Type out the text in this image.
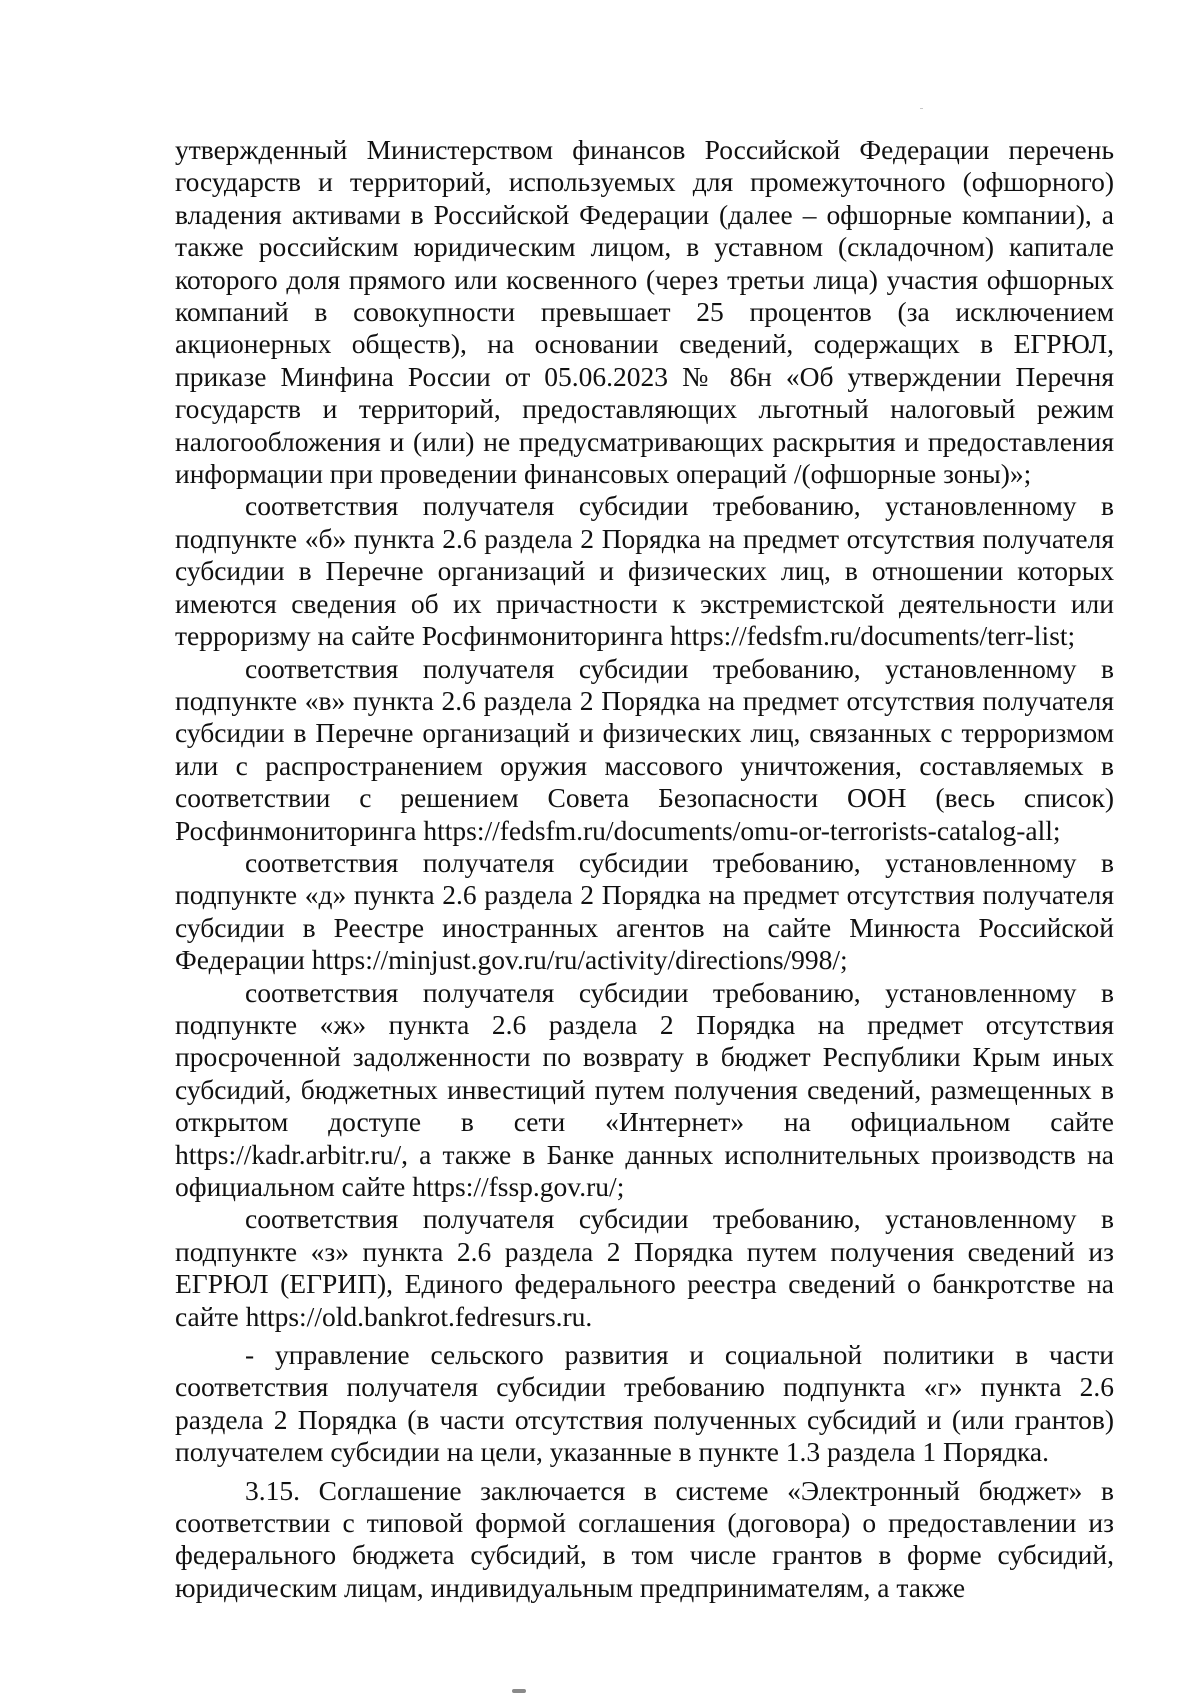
утвержденный Министерством финансов Российской Федерации перечень государств и территорий, используемых для промежуточного (офшорного) владения активами в Российской Федерации (далее – офшорные компании), а также российским юридическим лицом, в уставном (складочном) капитале которого доля прямого или косвенного (через третьи лица) участия офшорных компаний в совокупности превышает 25 процентов (за исключением акционерных обществ), на основании сведений, содержащих в ЕГРЮЛ, приказе Минфина России от 05.06.2023 № 86н «Об утверждении Перечня государств и территорий, предоставляющих льготный налоговый режим налогообложения и (или) не предусматривающих раскрытия и предоставления информации при проведении финансовых операций /(офшорные зоны)»;

соответствия получателя субсидии требованию, установленному в подпункте «б» пункта 2.6 раздела 2 Порядка на предмет отсутствия получателя субсидии в Перечне организаций и физических лиц, в отношении которых имеются сведения об их причастности к экстремистской деятельности или терроризму на сайте Росфинмониторинга https://fedsfm.ru/documents/terr-list;

соответствия получателя субсидии требованию, установленному в подпункте «в» пункта 2.6 раздела 2 Порядка на предмет отсутствия получателя субсидии в Перечне организаций и физических лиц, связанных с терроризмом или с распространением оружия массового уничтожения, составляемых в соответствии с решением Совета Безопасности ООН (весь список) Росфинмониторинга https://fedsfm.ru/documents/omu-or-terrorists-catalog-all;

соответствия получателя субсидии требованию, установленному в подпункте «д» пункта 2.6 раздела 2 Порядка на предмет отсутствия получателя субсидии в Реестре иностранных агентов на сайте Минюста Российской Федерации https://minjust.gov.ru/ru/activity/directions/998/;

соответствия получателя субсидии требованию, установленному в подпункте «ж» пункта 2.6 раздела 2 Порядка на предмет отсутствия просроченной задолженности по возврату в бюджет Республики Крым иных субсидий, бюджетных инвестиций путем получения сведений, размещенных в открытом доступе в сети «Интернет» на официальном сайте https://kadr.arbitr.ru/, а также в Банке данных исполнительных производств на официальном сайте https://fssp.gov.ru/;

соответствия получателя субсидии требованию, установленному в подпункте «з» пункта 2.6 раздела 2 Порядка путем получения сведений из ЕГРЮЛ (ЕГРИП), Единого федерального реестра сведений о банкротстве на сайте https://old.bankrot.fedresurs.ru.

- управление сельского развития и социальной политики в части соответствия получателя субсидии требованию подпункта «г» пункта 2.6 раздела 2 Порядка (в части отсутствия полученных субсидий и (или грантов) получателем субсидии на цели, указанные в пункте 1.3 раздела 1 Порядка.

3.15. Соглашение заключается в системе «Электронный бюджет» в соответствии с типовой формой соглашения (договора) о предоставлении из федерального бюджета субсидий, в том числе грантов в форме субсидий, юридическим лицам, индивидуальным предпринимателям, а также
